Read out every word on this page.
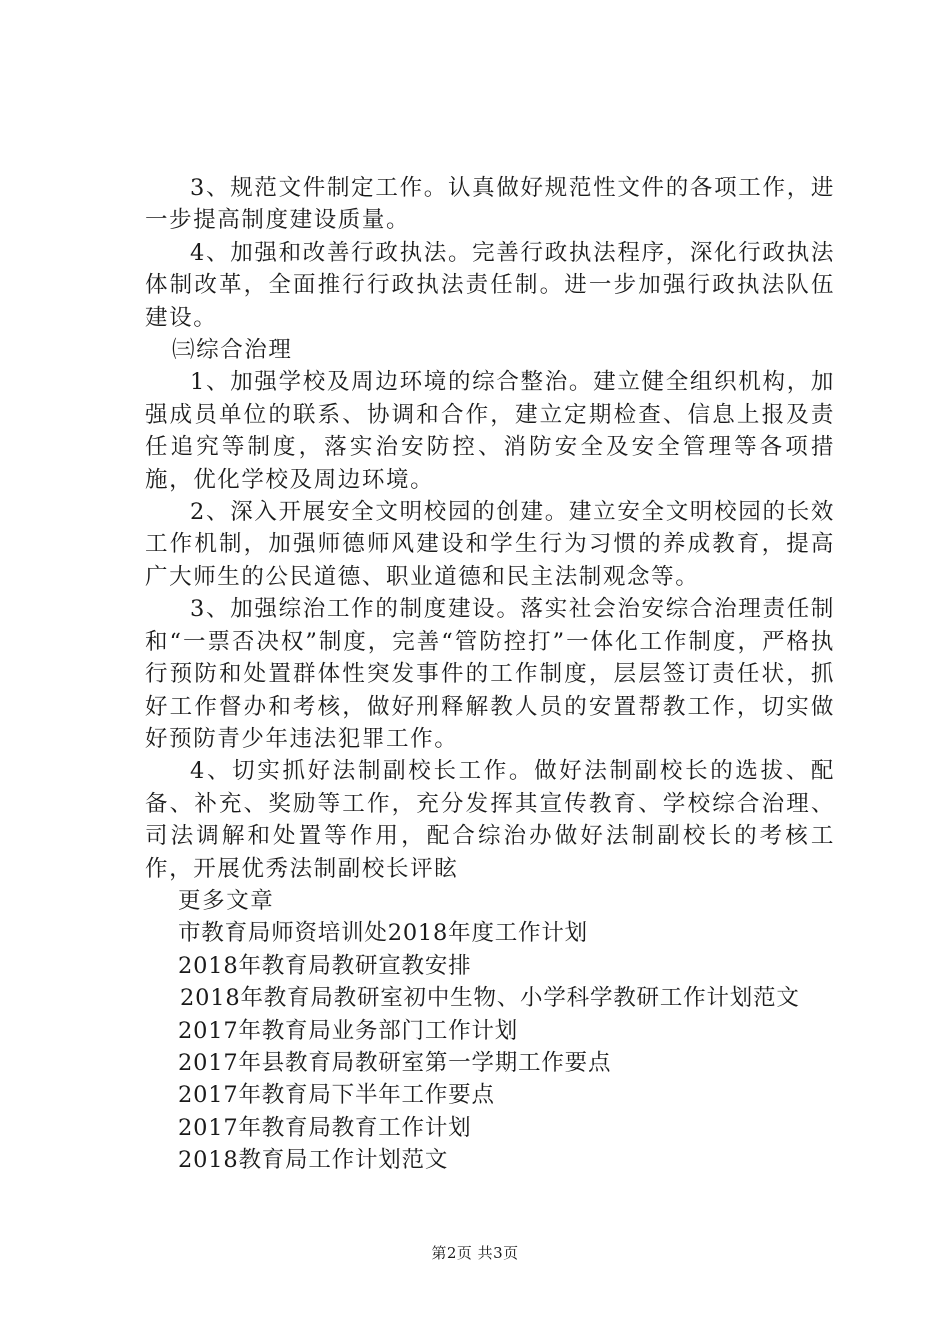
3、规范文件制定工作。认真做好规范性文件的各项工作，进一步提高制度建设质量。

4、加强和改善行政执法。完善行政执法程序，深化行政执法体制改革，全面推行行政执法责任制。进一步加强行政执法队伍建设。

㈢综合治理

1、加强学校及周边环境的综合整治。建立健全组织机构，加强成员单位的联系、协调和合作，建立定期检查、信息上报及责任追究等制度，落实治安防控、消防安全及安全管理等各项措施，优化学校及周边环境。

2、深入开展安全文明校园的创建。建立安全文明校园的长效工作机制，加强师德师风建设和学生行为习惯的养成教育，提高广大师生的公民道德、职业道德和民主法制观念等。

3、加强综治工作的制度建设。落实社会治安综合治理责任制和“一票否决权”制度，完善“管防控打”一体化工作制度，严格执行预防和处置群体性突发事件的工作制度，层层签订责任状，抓好工作督办和考核，做好刑释解教人员的安置帮教工作，切实做好预防青少年违法犯罪工作。

4、切实抓好法制副校长工作。做好法制副校长的选拔、配备、补充、奖励等工作，充分发挥其宣传教育、学校综合治理、司法调解和处置等作用，配合综治办做好法制副校长的考核工作，开展优秀法制副校长评眩

更多文章

市教育局师资培训处2018年度工作计划
2018年教育局教研宣教安排
2018年教育局教研室初中生物、小学科学教研工作计划范文
2017年教育局业务部门工作计划
2017年县教育局教研室第一学期工作要点
2017年教育局下半年工作要点
2017年教育局教育工作计划
2018教育局工作计划范文
第2页 共3页
